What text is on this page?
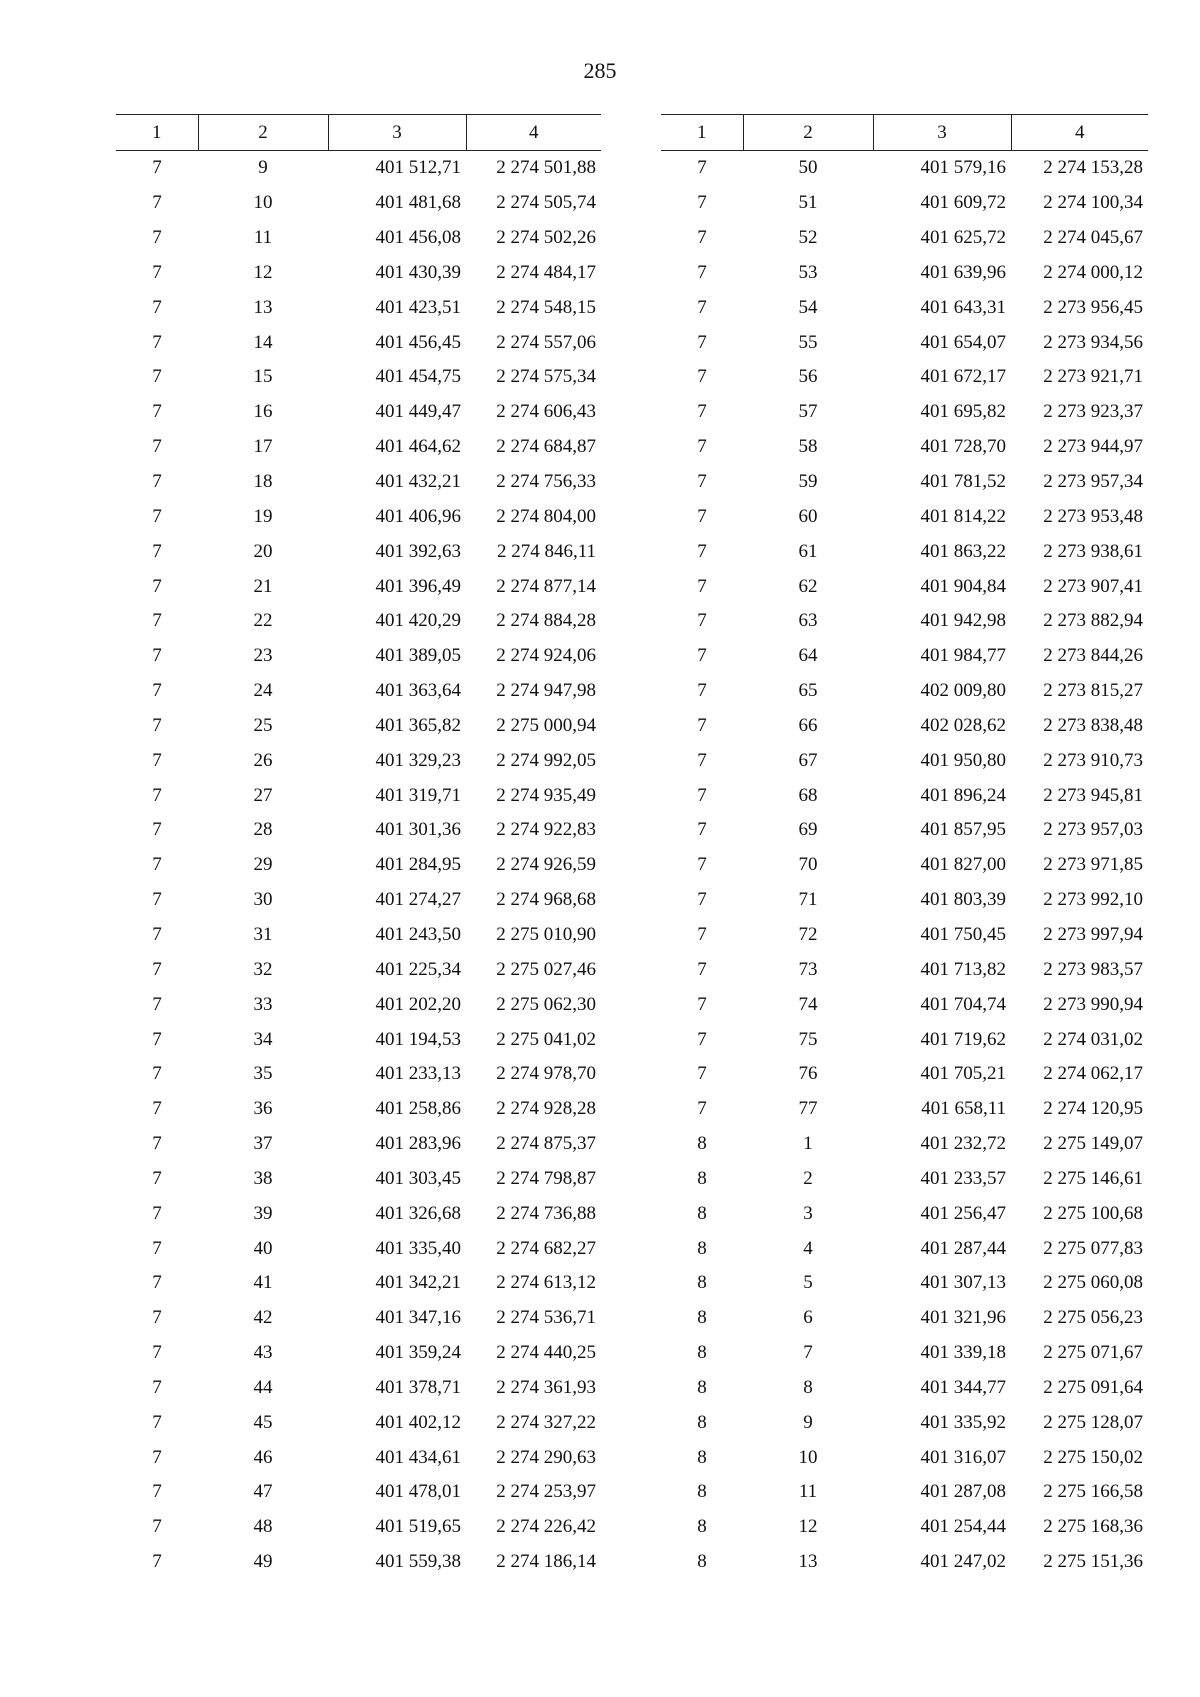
285
1	2	3	4
7	9	401 512,71	2 274 501,88
7	10	401 481,68	2 274 505,74
7	11	401 456,08	2 274 502,26
7	12	401 430,39	2 274 484,17
7	13	401 423,51	2 274 548,15
7	14	401 456,45	2 274 557,06
7	15	401 454,75	2 274 575,34
7	16	401 449,47	2 274 606,43
7	17	401 464,62	2 274 684,87
7	18	401 432,21	2 274 756,33
7	19	401 406,96	2 274 804,00
7	20	401 392,63	2 274 846,11
7	21	401 396,49	2 274 877,14
7	22	401 420,29	2 274 884,28
7	23	401 389,05	2 274 924,06
7	24	401 363,64	2 274 947,98
7	25	401 365,82	2 275 000,94
7	26	401 329,23	2 274 992,05
7	27	401 319,71	2 274 935,49
7	28	401 301,36	2 274 922,83
7	29	401 284,95	2 274 926,59
7	30	401 274,27	2 274 968,68
7	31	401 243,50	2 275 010,90
7	32	401 225,34	2 275 027,46
7	33	401 202,20	2 275 062,30
7	34	401 194,53	2 275 041,02
7	35	401 233,13	2 274 978,70
7	36	401 258,86	2 274 928,28
7	37	401 283,96	2 274 875,37
7	38	401 303,45	2 274 798,87
7	39	401 326,68	2 274 736,88
7	40	401 335,40	2 274 682,27
7	41	401 342,21	2 274 613,12
7	42	401 347,16	2 274 536,71
7	43	401 359,24	2 274 440,25
7	44	401 378,71	2 274 361,93
7	45	401 402,12	2 274 327,22
7	46	401 434,61	2 274 290,63
7	47	401 478,01	2 274 253,97
7	48	401 519,65	2 274 226,42
7	49	401 559,38	2 274 186,14
1	2	3	4
7	50	401 579,16	2 274 153,28
7	51	401 609,72	2 274 100,34
7	52	401 625,72	2 274 045,67
7	53	401 639,96	2 274 000,12
7	54	401 643,31	2 273 956,45
7	55	401 654,07	2 273 934,56
7	56	401 672,17	2 273 921,71
7	57	401 695,82	2 273 923,37
7	58	401 728,70	2 273 944,97
7	59	401 781,52	2 273 957,34
7	60	401 814,22	2 273 953,48
7	61	401 863,22	2 273 938,61
7	62	401 904,84	2 273 907,41
7	63	401 942,98	2 273 882,94
7	64	401 984,77	2 273 844,26
7	65	402 009,80	2 273 815,27
7	66	402 028,62	2 273 838,48
7	67	401 950,80	2 273 910,73
7	68	401 896,24	2 273 945,81
7	69	401 857,95	2 273 957,03
7	70	401 827,00	2 273 971,85
7	71	401 803,39	2 273 992,10
7	72	401 750,45	2 273 997,94
7	73	401 713,82	2 273 983,57
7	74	401 704,74	2 273 990,94
7	75	401 719,62	2 274 031,02
7	76	401 705,21	2 274 062,17
7	77	401 658,11	2 274 120,95
8	1	401 232,72	2 275 149,07
8	2	401 233,57	2 275 146,61
8	3	401 256,47	2 275 100,68
8	4	401 287,44	2 275 077,83
8	5	401 307,13	2 275 060,08
8	6	401 321,96	2 275 056,23
8	7	401 339,18	2 275 071,67
8	8	401 344,77	2 275 091,64
8	9	401 335,92	2 275 128,07
8	10	401 316,07	2 275 150,02
8	11	401 287,08	2 275 166,58
8	12	401 254,44	2 275 168,36
8	13	401 247,02	2 275 151,36
